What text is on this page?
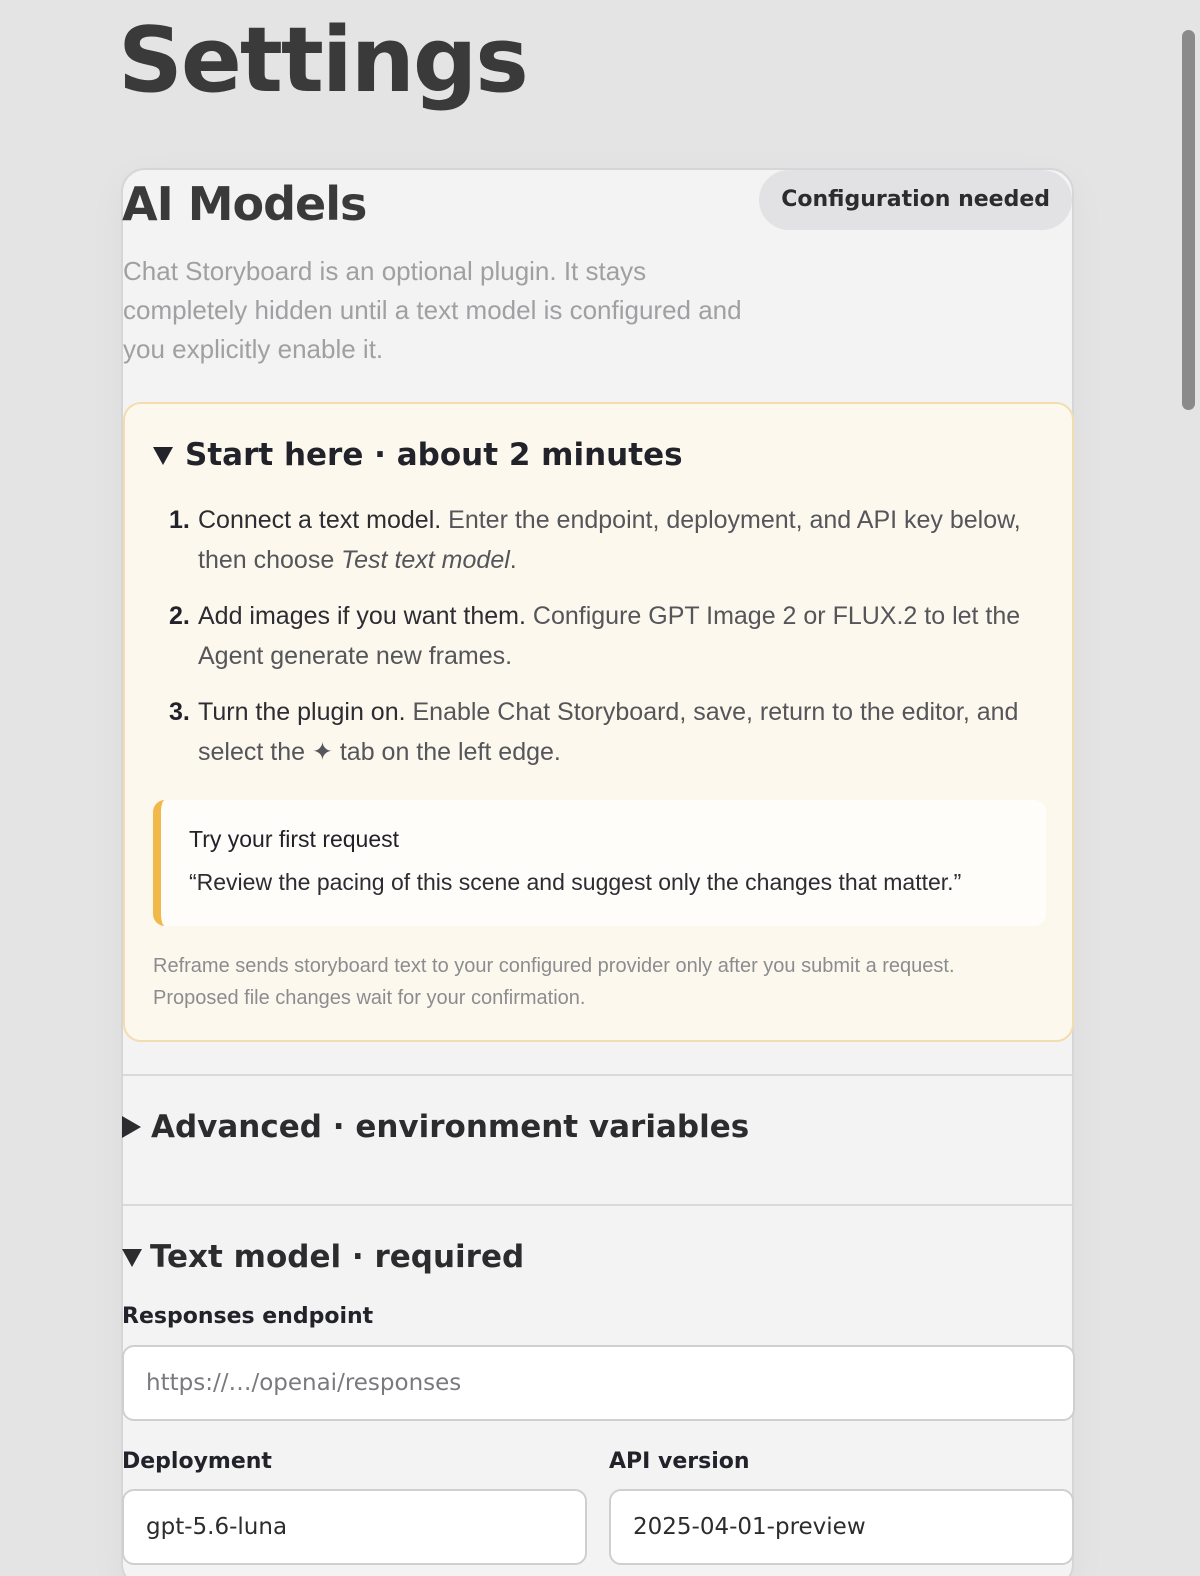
Settings
AI Models	Configuration needed

Chat Storyboard is an optional plugin. It stays completely hidden until a text model is configured and you explicitly enable it.

Start here · about 2 minutes
1. Connect a text model. Enter the endpoint, deployment, and API key below, then choose Test text model.
2. Add images if you want them. Configure GPT Image 2 or FLUX.2 to let the Agent generate new frames.
3. Turn the plugin on. Enable Chat Storyboard, save, return to the editor, and select the ✦ tab on the left edge.
Try your first request
“Review the pacing of this scene and suggest only the changes that matter.”

Reframe sends storyboard text to your configured provider only after you submit a request. Proposed file changes wait for your confirmation.

Advanced · environment variables
Text model · required
Responses endpoint
https://…/openai/responses
Deployment
gpt-5.6-luna	API version
2025-04-01-preview
